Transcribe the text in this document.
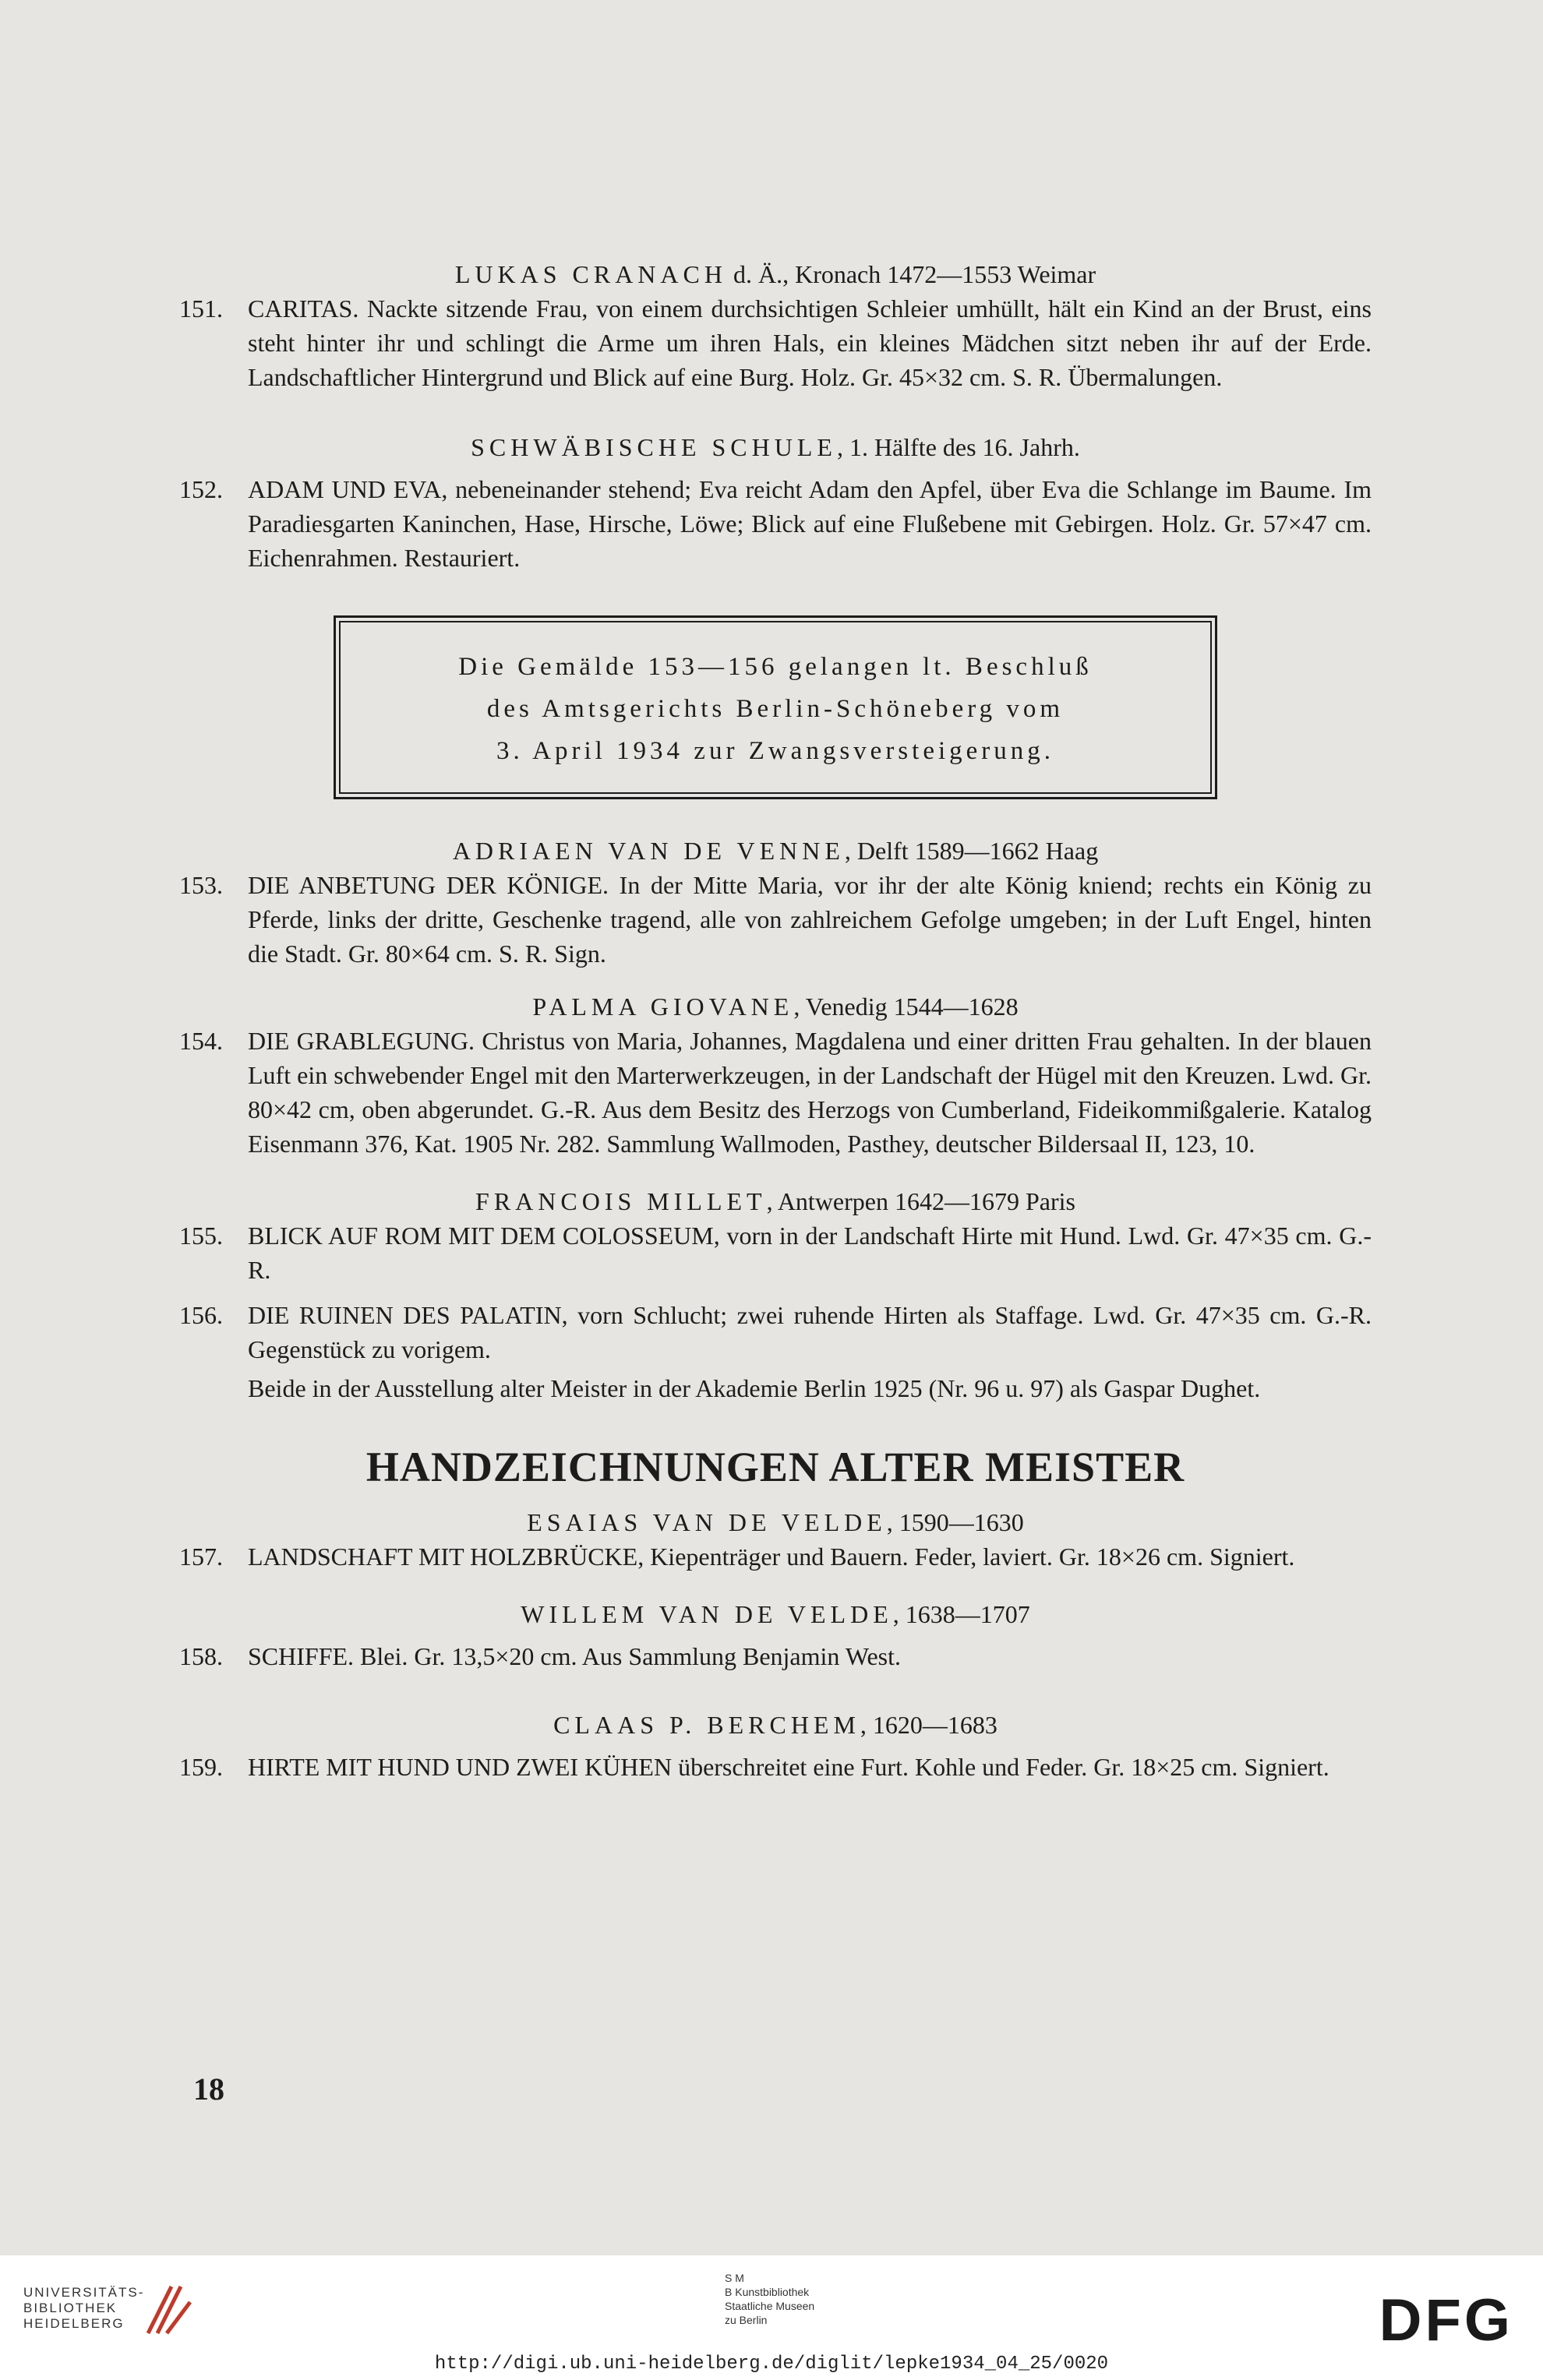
LUKAS CRANACH d. Ä., Kronach 1472—1553 Weimar

151. CARITAS. Nackte sitzende Frau, von einem durchsichtigen Schleier umhüllt, hält ein Kind an der Brust, eins steht hinter ihr und schlingt die Arme um ihren Hals, ein kleines Mädchen sitzt neben ihr auf der Erde. Landschaftlicher Hintergrund und Blick auf eine Burg. Holz. Gr. 45×32 cm. S. R. Übermalungen.

SCHWÄBISCHE SCHULE, 1. Hälfte des 16. Jahrh.

152. ADAM UND EVA, nebeneinander stehend; Eva reicht Adam den Apfel, über Eva die Schlange im Baume. Im Paradiesgarten Kaninchen, Hase, Hirsche, Löwe; Blick auf eine Flußebene mit Gebirgen. Holz. Gr. 57×47 cm. Eichenrahmen. Restauriert.

Die Gemälde 153—156 gelangen lt. Beschluß
des Amtsgerichts Berlin-Schöneberg vom
3. April 1934 zur Zwangsversteigerung.

ADRIAEN VAN DE VENNE, Delft 1589—1662 Haag

153. DIE ANBETUNG DER KÖNIGE. In der Mitte Maria, vor ihr der alte König kniend; rechts ein König zu Pferde, links der dritte, Geschenke tragend, alle von zahlreichem Gefolge umgeben; in der Luft Engel, hinten die Stadt. Gr. 80×64 cm. S. R. Sign.

PALMA GIOVANE, Venedig 1544—1628

154. DIE GRABLEGUNG. Christus von Maria, Johannes, Magdalena und einer dritten Frau gehalten. In der blauen Luft ein schwebender Engel mit den Marterwerkzeugen, in der Landschaft der Hügel mit den Kreuzen. Lwd. Gr. 80×42 cm, oben abgerundet. G.-R. Aus dem Besitz des Herzogs von Cumberland, Fideikommißgalerie. Katalog Eisenmann 376, Kat. 1905 Nr. 282. Sammlung Wallmoden, Pasthey, deutscher Bildersaal II, 123, 10.

FRANCOIS MILLET, Antwerpen 1642—1679 Paris

155. BLICK AUF ROM MIT DEM COLOSSEUM, vorn in der Landschaft Hirte mit Hund. Lwd. Gr. 47×35 cm. G.-R.

156. DIE RUINEN DES PALATIN, vorn Schlucht; zwei ruhende Hirten als Staffage. Lwd. Gr. 47×35 cm. G.-R. Gegenstück zu vorigem.

Beide in der Ausstellung alter Meister in der Akademie Berlin 1925 (Nr. 96 u. 97) als Gaspar Dughet.

HANDZEICHNUNGEN ALTER MEISTER

ESAIAS VAN DE VELDE, 1590—1630

157. LANDSCHAFT MIT HOLZBRÜCKE, Kiepenträger und Bauern. Feder, laviert. Gr. 18×26 cm. Signiert.

WILLEM VAN DE VELDE, 1638—1707

158. SCHIFFE. Blei. Gr. 13,5×20 cm. Aus Sammlung Benjamin West.

CLAAS P. BERCHEM, 1620—1683

159. HIRTE MIT HUND UND ZWEI KÜHEN überschreitet eine Furt. Kohle und Feder. Gr. 18×25 cm. Signiert.

18
UNIVERSITÄTS-
BIBLIOTHEK
HEIDELBERG
S M
B Kunstbibliothek
Staatliche Museen
zu Berlin	DFG
http://digi.ub.uni-heidelberg.de/diglit/lepke1934_04_25/0020
